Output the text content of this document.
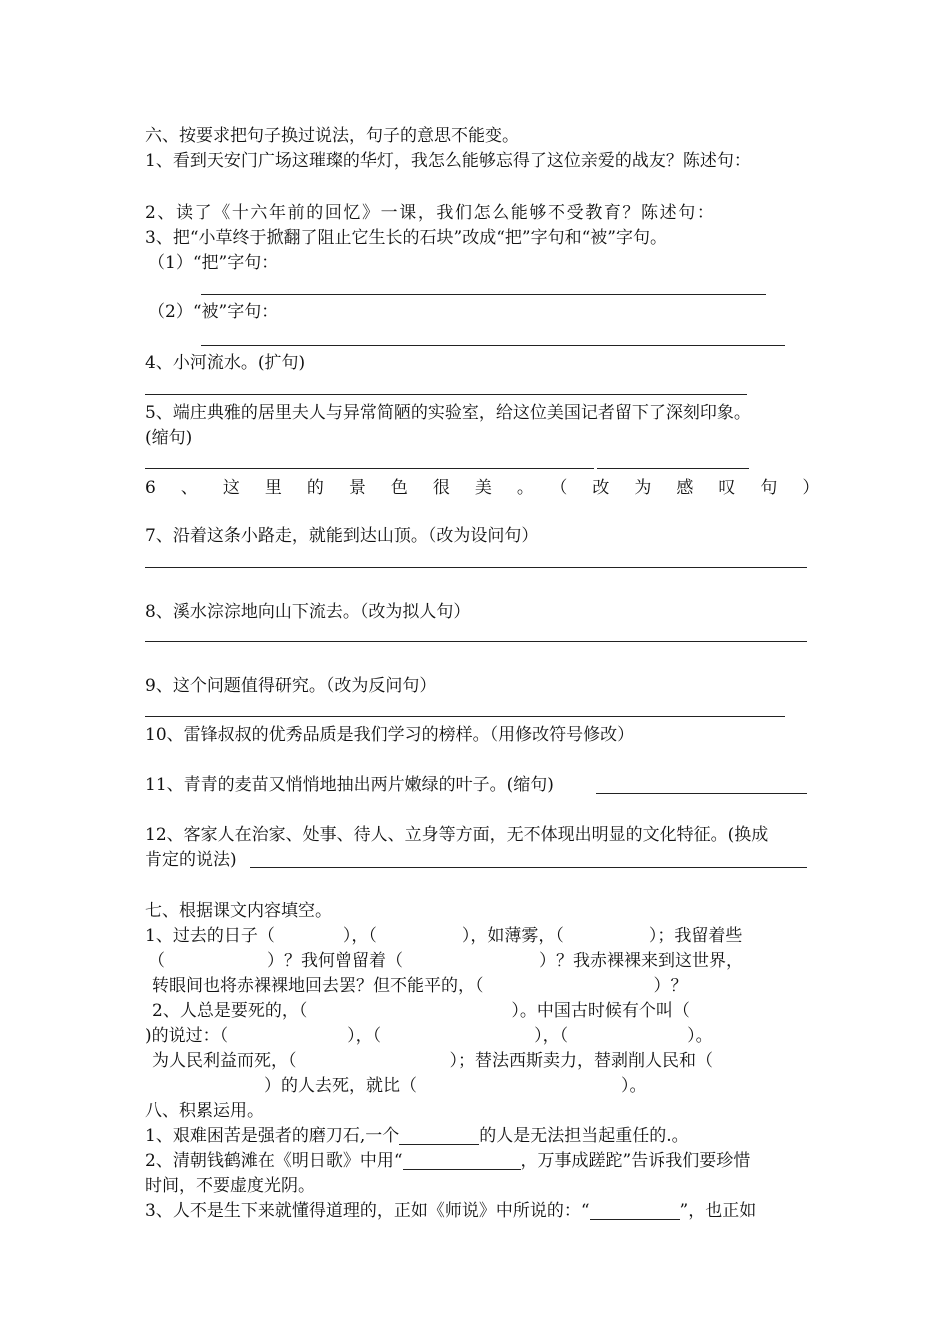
六、按要求把句子换过说法，句子的意思不能变。
1、看到天安门广场这璀璨的华灯，我怎么能够忘得了这位亲爱的战友？陈述句：
2、读了《十六年前的回忆》一课，我们怎么能够不受教育？陈述句：
3、把“小草终于掀翻了阻止它生长的石块”改成“把”字句和“被”字句。
（1）“把”字句：
（2）“被”字句：
4、小河流水。(扩句)
5、端庄典雅的居里夫人与异常简陋的实验室，给这位美国记者留下了深刻印象。
(缩句)
6、这里的景色很美。（改为感叹句）
7、沿着这条小路走，就能到达山顶。（改为设问句）
8、溪水淙淙地向山下流去。（改为拟人句）
9、这个问题值得研究。（改为反问句）
10、雷锋叔叔的优秀品质是我们学习的榜样。（用修改符号修改）
11、青青的麦苗又悄悄地抽出两片嫩绿的叶子。(缩句)
12、客家人在治家、处事、待人、立身等方面，无不体现出明显的文化特征。(换成
肯定的说法)
七、根据课文内容填空。
1、过去的日子（　　　　），（　　　　　），如薄雾，（　　　　　）；我留着些
（　　　　　　）？我何曾留着（　　　　　　　　）？我赤裸裸来到这世界，
转眼间也将赤裸裸地回去罢？但不能平的，（　　　　　　　　　　）？
2、人总是要死的，（　　　　　　　　　　　　）。中国古时候有个叫（
)的说过：（　　　　　　　），（　　　　　　　　　），（　　　　　　　）。
为人民利益而死，（　　　　　　　　　）；替法西斯卖力，替剥削人民和（
　　　　　　　）的人去死，就比（　　　　　　　　　　　　）。
八、积累运用。
1、艰难困苦是强者的磨刀石,一个	的人是无法担当起重任的.。
2、清朝钱鹤滩在《明日歌》中用“	，万事成蹉跎”告诉我们要珍惜
时间，不要虚度光阴。
3、人不是生下来就懂得道理的，正如《师说》中所说的：“	”，也正如
